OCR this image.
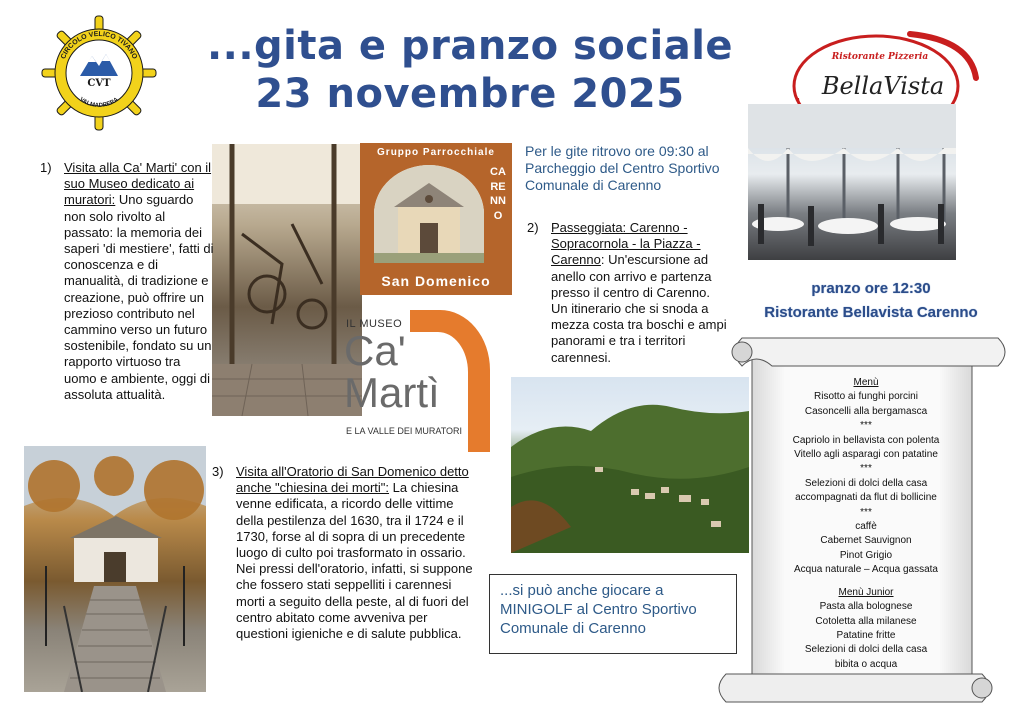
...gita e pranzo sociale
23 novembre 2025
CIRCOLO VELICO TIVANO
VALMADRERA
CVT
Ristorante Pizzeria
BellaVista
Gruppo Parrocchiale
CARENNO
San Domenico
IL MUSEO
Ca'
Martì
E LA VALLE DEI MURATORI
Per le gite ritrovo ore 09:30 al Parcheggio del Centro Sportivo Comunale di Carenno
1) Visita alla Ca' Marti' con il suo Museo dedicato ai muratori: Uno sguardo non solo rivolto al passato: la memoria dei saperi 'di mestiere', fatti di conoscenza e di manualità, di tradizione e creazione, può offrire un prezioso contributo nel cammino verso un futuro sostenibile, fondato su un rapporto virtuoso tra uomo e ambiente, oggi di assoluta attualità.
2) Passeggiata: Carenno - Sopracornola - la Piazza - Carenno: Un'escursione ad anello con arrivo e partenza presso il centro di Carenno. Un itinerario che si snoda a mezza costa tra boschi e ampi panorami e tra i territori carennesi.
pranzo ore 12:30
Ristorante Bellavista Carenno
Menù
Risotto ai funghi porcini
Casoncelli alla bergamasca
***
Capriolo in bellavista con polenta
Vitello agli asparagi con patatine
***
Selezioni di dolci della casa
accompagnati da flut di bollicine
***
caffè
Cabernet Sauvignon
Pinot Grigio
Acqua naturale – Acqua gassata
Menù Junior
Pasta alla bolognese
Cotoletta alla milanese
Patatine fritte
Selezioni di dolci della casa
bibita o acqua
3) Visita all'Oratorio di San Domenico detto anche "chiesina dei morti": La chiesina venne edificata, a ricordo delle vittime della pestilenza del 1630, tra il 1724 e il 1730, forse al di sopra di un precedente luogo di culto poi trasformato in ossario. Nei pressi dell'oratorio, infatti, si suppone che fossero stati seppelliti i carennesi morti a seguito della peste, al di fuori del centro abitato come avveniva per questioni igieniche e di salute pubblica.
...si può anche giocare a MINIGOLF al Centro Sportivo Comunale di Carenno
